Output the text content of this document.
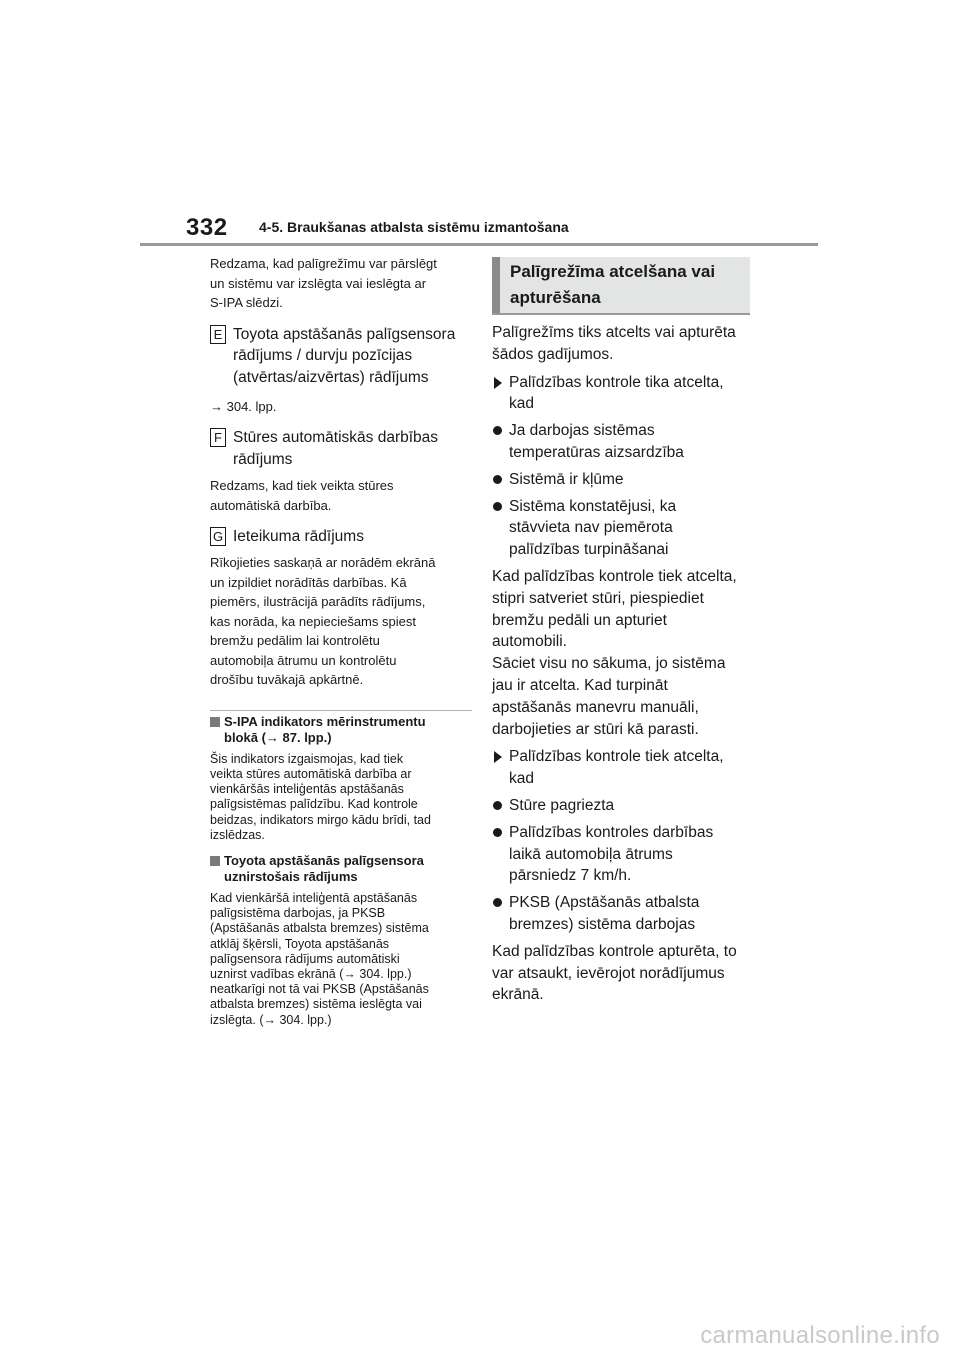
332 4-5. Braukšanas atbalsta sistēmu izmantošana

Redzama, kad palīgrežīmu var pārslēgt
un sistēmu var izslēgta vai ieslēgta ar
S-IPA slēdzi.

E Toyota apstāšanās palīgsensora
rādījums / durvju pozīcijas
(atvērtas/aizvērtas) rādījums

→ 304. lpp.

F Stūres automātiskās darbības
rādījums

Redzams, kad tiek veikta stūres
automātiskā darbība.

G Ieteikuma rādījums

Rīkojieties saskaņā ar norādēm ekrānā
un izpildiet norādītās darbības. Kā
piemērs, ilustrācijā parādīts rādījums,
kas norāda, ka nepieciešams spiest
bremžu pedālim lai kontrolētu
automobiļa ātrumu un kontrolētu
drošību tuvākajā apkārtnē.

S-IPA indikators mērinstrumentu
blokā (→ 87. lpp.)

Šis indikators izgaismojas, kad tiek
veikta stūres automātiskā darbība ar
vienkāršās inteliģentās apstāšanās
palīgsistēmas palīdzību. Kad kontrole
beidzas, indikators mirgo kādu brīdi, tad
izslēdzas.

Toyota apstāšanās palīgsensora
uznirstošais rādījums

Kad vienkāršā inteliģentā apstāšanās
palīgsistēma darbojas, ja PKSB
(Apstāšanās atbalsta bremzes) sistēma
atklāj šķērsli, Toyota apstāšanās
palīgsensora rādījums automātiski
uznirst vadības ekrānā (→ 304. lpp.)
neatkarīgi not tā vai PKSB (Apstāšanās
atbalsta bremzes) sistēma ieslēgta vai
izslēgta. (→ 304. lpp.)

Palīgrežīma atcelšana vai
apturēšana

Palīgrežīms tiks atcelts vai apturēta
šādos gadījumos.

Palīdzības kontrole tika atcelta,
kad
Ja darbojas sistēmas
temperatūras aizsardzība
Sistēmā ir kļūme
Sistēma konstatējusi, ka
stāvvieta nav piemērota
palīdzības turpināšanai

Kad palīdzības kontrole tiek atcelta,
stipri satveriet stūri, piespiediet
bremžu pedāli un apturiet
automobili.
Sāciet visu no sākuma, jo sistēma
jau ir atcelta. Kad turpināt
apstāšanās manevru manuāli,
darbojieties ar stūri kā parasti.

Palīdzības kontrole tiek atcelta,
kad
Stūre pagriezta
Palīdzības kontroles darbības
laikā automobiļa ātrums
pārsniedz 7 km/h.
PKSB (Apstāšanās atbalsta
bremzes) sistēma darbojas

Kad palīdzības kontrole apturēta, to
var atsaukt, ievērojot norādījumus
ekrānā.

carmanualsonline.info
